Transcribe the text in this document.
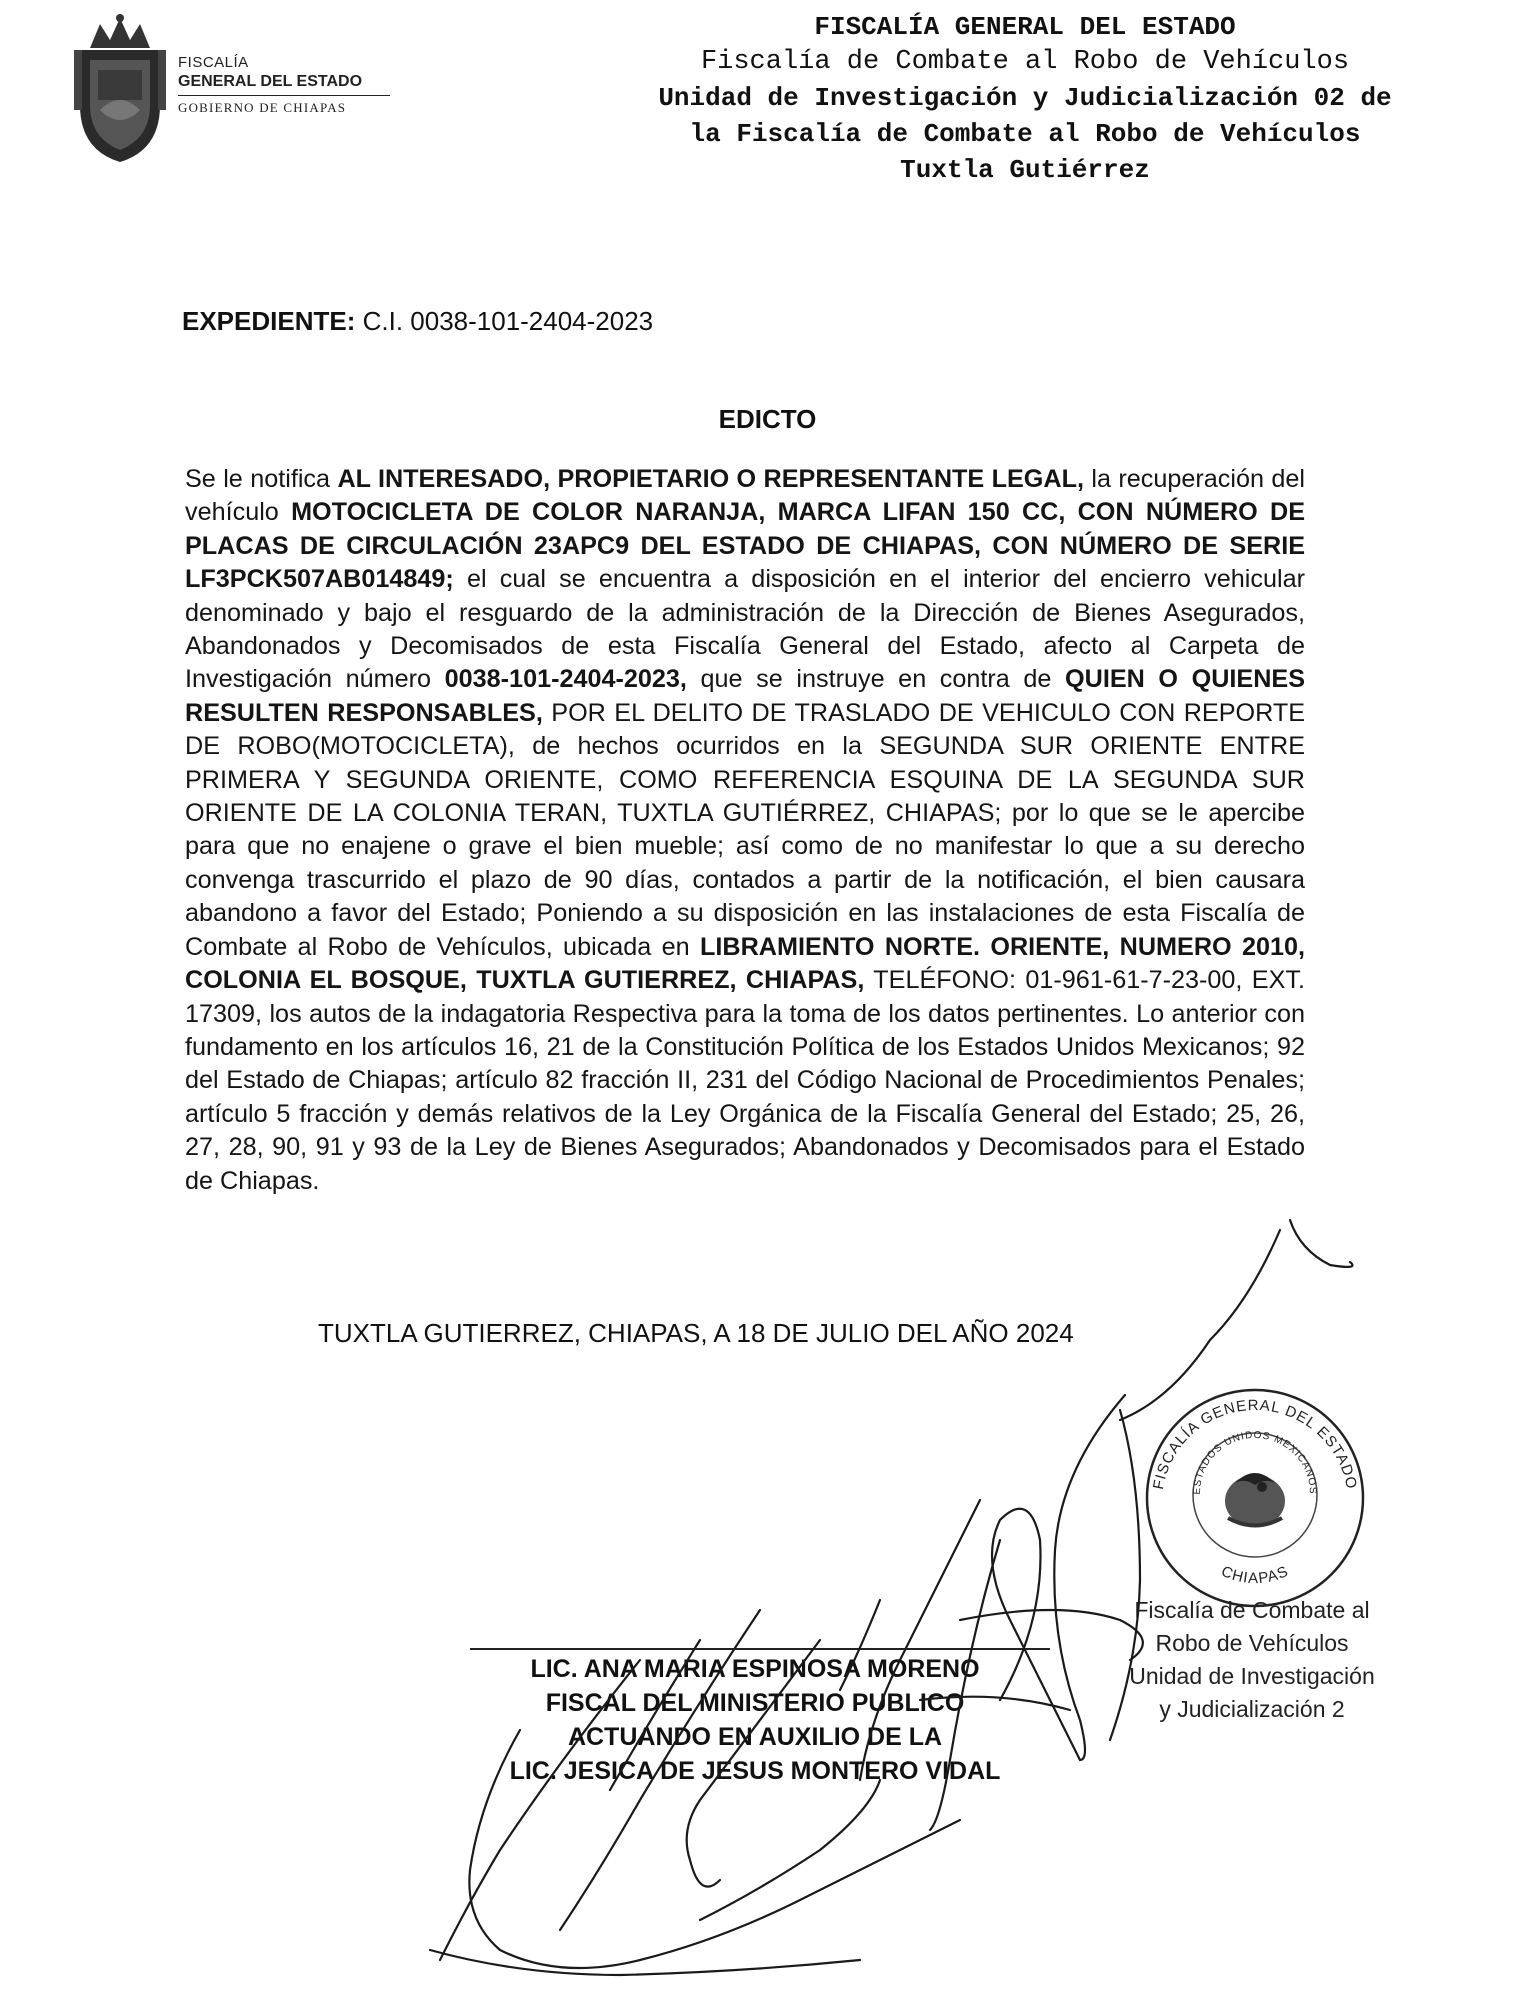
FISCALÍA
GENERAL DEL ESTADO
GOBIERNO DE CHIAPAS
FISCALÍA GENERAL DEL ESTADO
Fiscalía de Combate al Robo de Vehículos
Unidad de Investigación y Judicialización 02 de
la Fiscalía de Combate al Robo de Vehículos
Tuxtla Gutiérrez
EXPEDIENTE: C.I. 0038-101-2404-2023
EDICTO
Se le notifica AL INTERESADO, PROPIETARIO O REPRESENTANTE LEGAL, la recuperación del vehículo MOTOCICLETA DE COLOR NARANJA, MARCA LIFAN 150 CC, CON NÚMERO DE PLACAS DE CIRCULACIÓN 23APC9 DEL ESTADO DE CHIAPAS, CON NÚMERO DE SERIE LF3PCK507AB014849; el cual se encuentra a disposición en el interior del encierro vehicular denominado y bajo el resguardo de la administración de la Dirección de Bienes Asegurados, Abandonados y Decomisados de esta Fiscalía General del Estado, afecto al Carpeta de Investigación número 0038-101-2404-2023, que se instruye en contra de QUIEN O QUIENES RESULTEN RESPONSABLES, POR EL DELITO DE TRASLADO DE VEHICULO CON REPORTE DE ROBO(MOTOCICLETA), de hechos ocurridos en la SEGUNDA SUR ORIENTE ENTRE PRIMERA Y SEGUNDA ORIENTE, COMO REFERENCIA ESQUINA DE LA SEGUNDA SUR ORIENTE DE LA COLONIA TERAN, TUXTLA GUTIÉRREZ, CHIAPAS; por lo que se le apercibe para que no enajene o grave el bien mueble; así como de no manifestar lo que a su derecho convenga trascurrido el plazo de 90 días, contados a partir de la notificación, el bien causara abandono a favor del Estado; Poniendo a su disposición en las instalaciones de esta Fiscalía de Combate al Robo de Vehículos, ubicada en LIBRAMIENTO NORTE. ORIENTE, NUMERO 2010, COLONIA EL BOSQUE, TUXTLA GUTIERREZ, CHIAPAS, TELÉFONO: 01-961-61-7-23-00, EXT. 17309, los autos de la indagatoria Respectiva para la toma de los datos pertinentes. Lo anterior con fundamento en los artículos 16, 21 de la Constitución Política de los Estados Unidos Mexicanos; 92 del Estado de Chiapas; artículo 82 fracción II, 231 del Código Nacional de Procedimientos Penales; artículo 5 fracción y demás relativos de la Ley Orgánica de la Fiscalía General del Estado; 25, 26, 27, 28, 90, 91 y 93 de la Ley de Bienes Asegurados; Abandonados y Decomisados para el Estado de Chiapas.
TUXTLA GUTIERREZ, CHIAPAS, A 18 DE JULIO DEL AÑO 2024
FISCALÍA GENERAL DEL ESTADO
ESTADOS UNIDOS MEXICANOS
CHIAPAS
Fiscalía de Combate al
Robo de Vehículos
Unidad de Investigación
y Judicialización 2
LIC. ANA MARIA ESPINOSA MORENO
FISCAL DEL MINISTERIO PUBLICO
ACTUANDO EN AUXILIO DE LA
LIC. JESICA DE JESUS MONTERO VIDAL
